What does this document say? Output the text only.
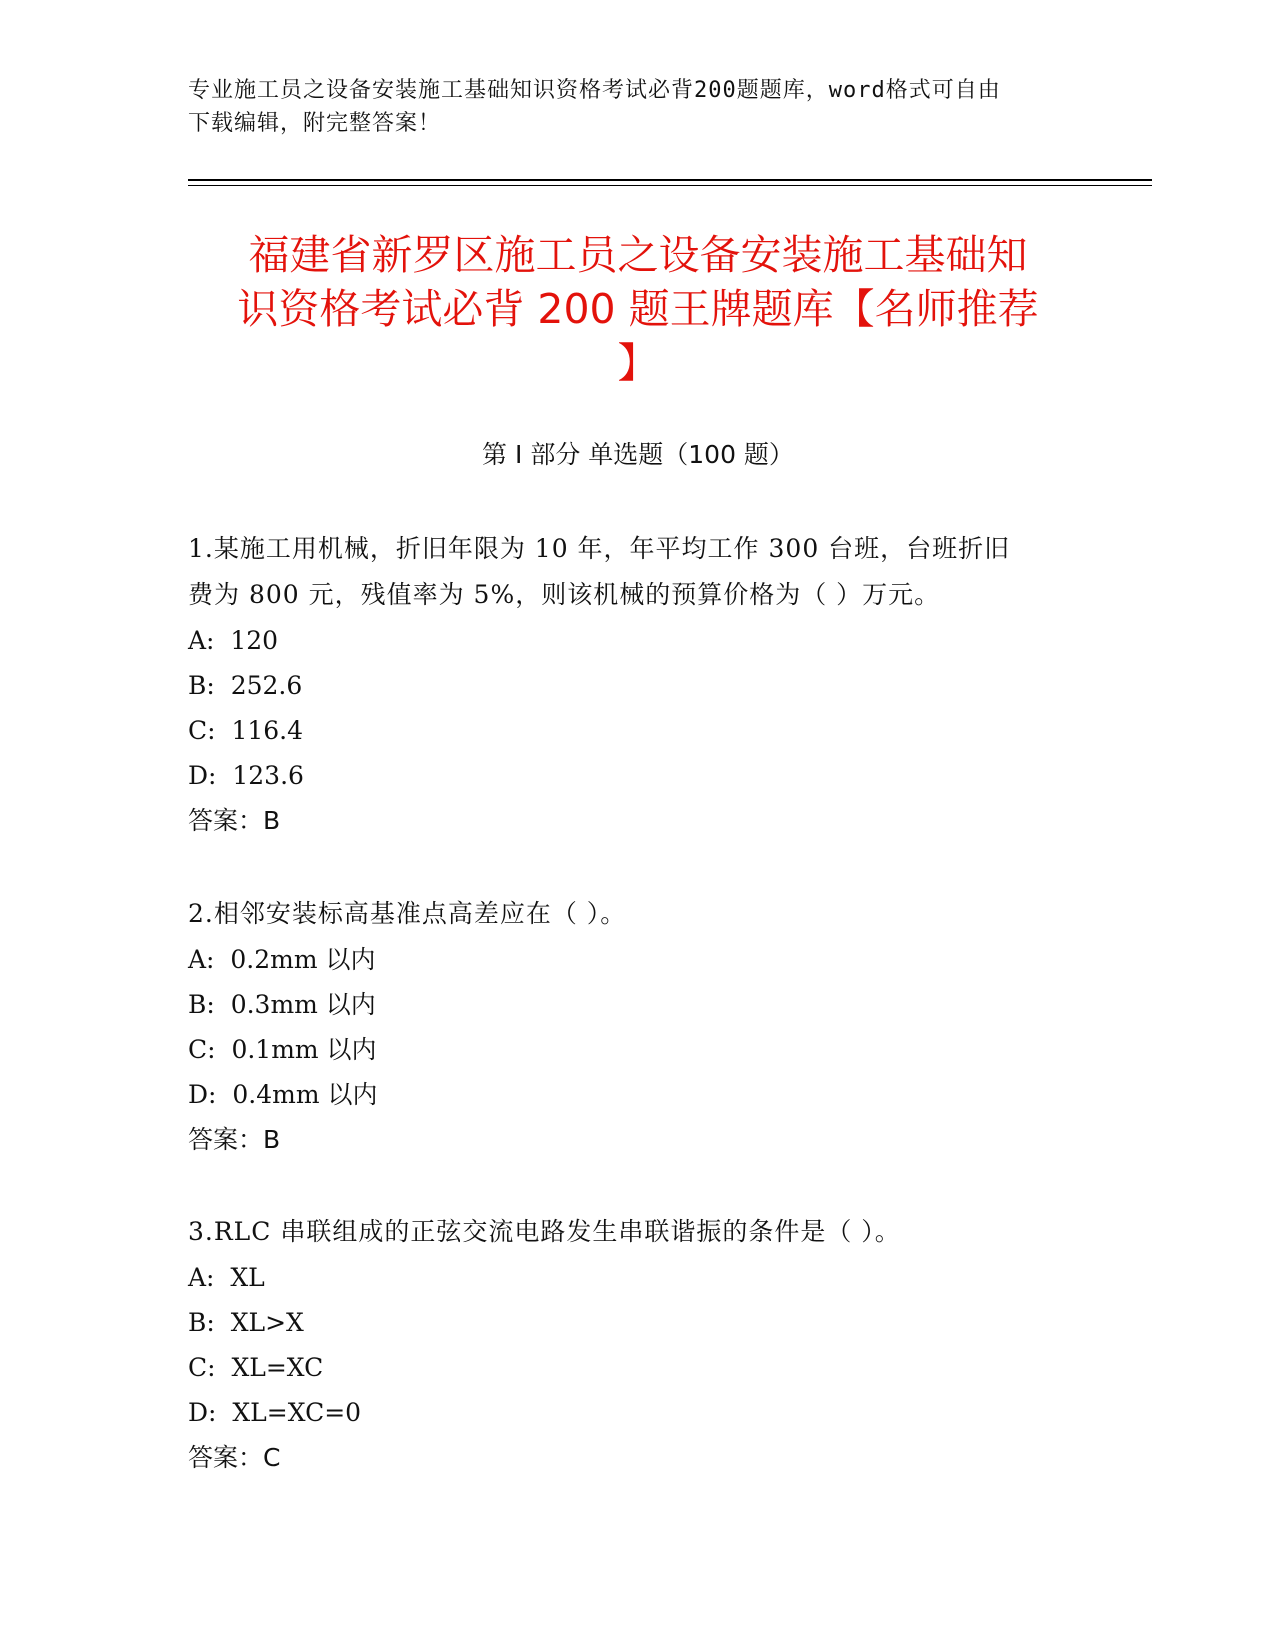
专业施工员之设备安装施工基础知识资格考试必背200题题库，word格式可自由
下载编辑，附完整答案！
福建省新罗区施工员之设备安装施工基础知
识资格考试必背 200 题王牌题库【名师推荐
】
第 I 部分 单选题（100 题）

1.某施工用机械，折旧年限为 10 年，年平均工作 300 台班，台班折旧

费为 800 元，残值率为 5%，则该机械的预算价格为（ ）万元。

A:  120

B:  252.6

C:  116.4

D:  123.6

答案：B

2.相邻安装标高基准点高差应在（ ）。

A:  0.2mm 以内

B:  0.3mm 以内

C:  0.1mm 以内

D:  0.4mm 以内

答案：B

3.RLC 串联组成的正弦交流电路发生串联谐振的条件是（ ）。

A:  XL

B:  XL>X

C:  XL=XC

D:  XL=XC=0

答案：C
